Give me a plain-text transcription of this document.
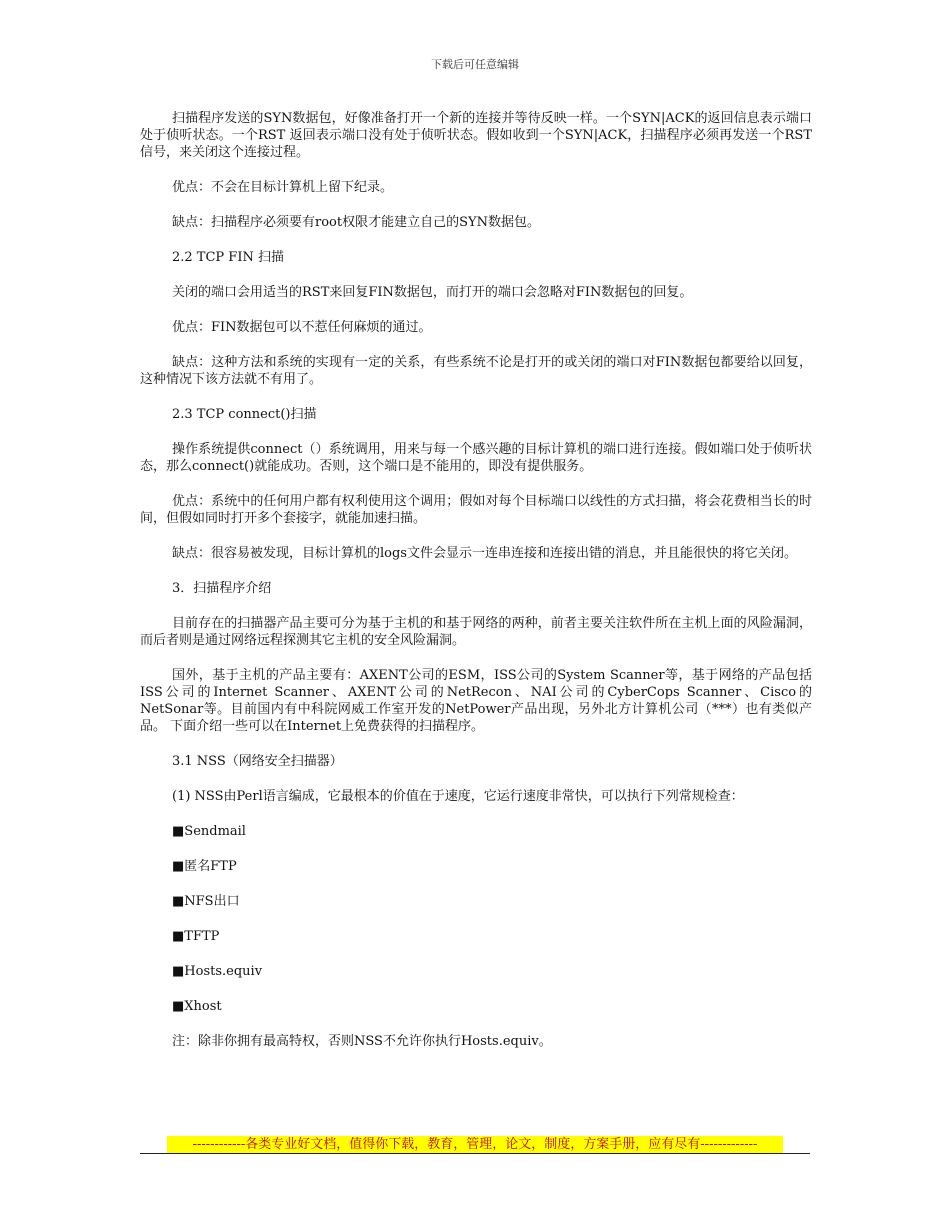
下载后可任意编辑

扫描程序发送的SYN数据包，好像准备打开一个新的连接并等待反映一样。一个SYN|ACK的返回信息表示端口处于侦听状态。一个RST 返回表示端口没有处于侦听状态。假如收到一个SYN|ACK，扫描程序必须再发送一个RST 信号，来关闭这个连接过程。

优点：不会在目标计算机上留下纪录。

缺点：扫描程序必须要有root权限才能建立自己的SYN数据包。

2.2 TCP FIN 扫描

关闭的端口会用适当的RST来回复FIN数据包，而打开的端口会忽略对FIN数据包的回复。

优点：FIN数据包可以不惹任何麻烦的通过。

缺点：这种方法和系统的实现有一定的关系，有些系统不论是打开的或关闭的端口对FIN数据包都要给以回复，这种情况下该方法就不有用了。

2.3 TCP connect()扫描

操作系统提供connect（）系统调用，用来与每一个感兴趣的目标计算机的端口进行连接。假如端口处于侦听状态，那么connect()就能成功。否则，这个端口是不能用的，即没有提供服务。

优点：系统中的任何用户都有权利使用这个调用；假如对每个目标端口以线性的方式扫描，将会花费相当长的时间，但假如同时打开多个套接字，就能加速扫描。

缺点：很容易被发现，目标计算机的logs文件会显示一连串连接和连接出错的消息，并且能很快的将它关闭。

3．扫描程序介绍

目前存在的扫描器产品主要可分为基于主机的和基于网络的两种，前者主要关注软件所在主机上面的风险漏洞，而后者则是通过网络远程探测其它主机的安全风险漏洞。

国外，基于主机的产品主要有：AXENT公司的ESM，ISS公司的System Scanner等，基于网络的产品包括ISS公司的Internet Scanner、AXENT公司的NetRecon、NAI公司的CyberCops Scanner、Cisco的NetSonar等。目前国内有中科院网威工作室开发的NetPower产品出现，另外北方计算机公司（***）也有类似产品。 下面介绍一些可以在Internet上免费获得的扫描程序。

3.1 NSS（网络安全扫描器）

(1) NSS由Perl语言编成，它最根本的价值在于速度，它运行速度非常快，可以执行下列常规检查：

■Sendmail

■匿名FTP

■NFS出口

■TFTP

■Hosts.equiv

■Xhost

注：除非你拥有最高特权，否则NSS不允许你执行Hosts.equiv。

------------各类专业好文档，值得你下载，教育，管理，论文，制度，方案手册，应有尽有-------------
